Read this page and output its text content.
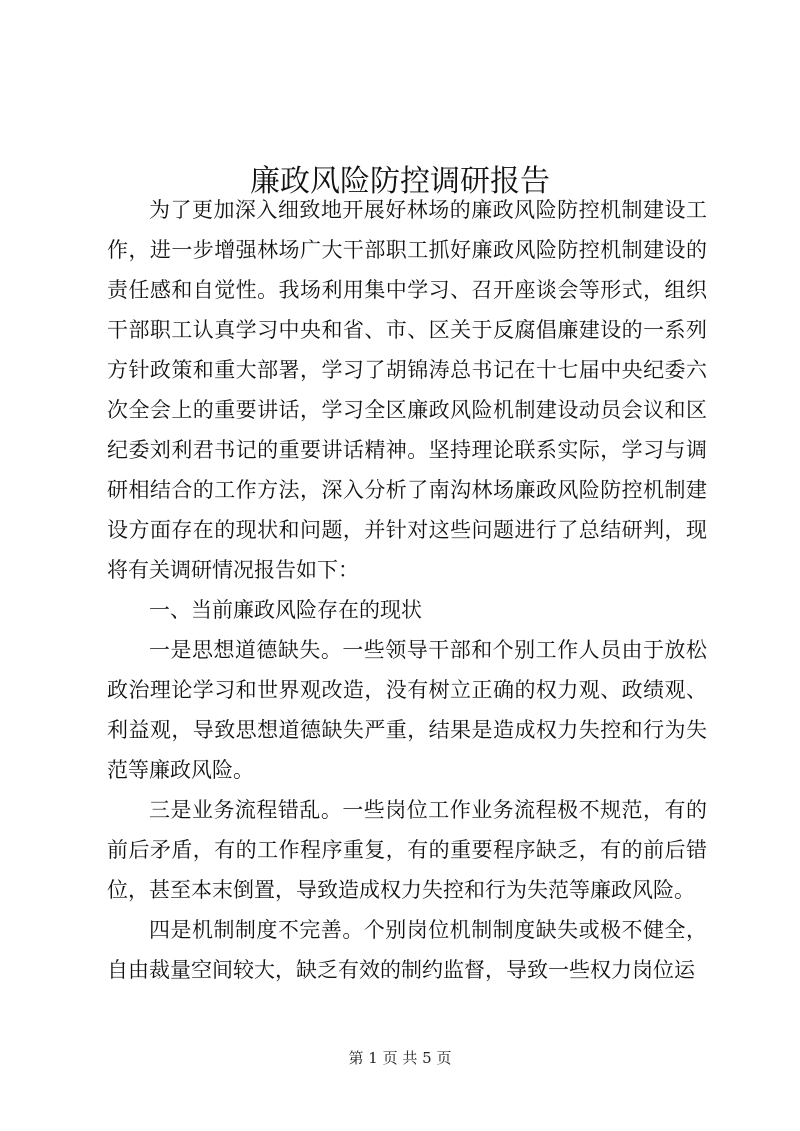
廉政风险防控调研报告

为了更加深入细致地开展好林场的廉政风险防控机制建设工作，进一步增强林场广大干部职工抓好廉政风险防控机制建设的责任感和自觉性。我场利用集中学习、召开座谈会等形式，组织干部职工认真学习中央和省、市、区关于反腐倡廉建设的一系列方针政策和重大部署，学习了胡锦涛总书记在十七届中央纪委六次全会上的重要讲话，学习全区廉政风险机制建设动员会议和区纪委刘利君书记的重要讲话精神。坚持理论联系实际，学习与调研相结合的工作方法，深入分析了南沟林场廉政风险防控机制建设方面存在的现状和问题，并针对这些问题进行了总结研判，现将有关调研情况报告如下：

一、当前廉政风险存在的现状

一是思想道德缺失。一些领导干部和个别工作人员由于放松政治理论学习和世界观改造，没有树立正确的权力观、政绩观、利益观，导致思想道德缺失严重，结果是造成权力失控和行为失范等廉政风险。

三是业务流程错乱。一些岗位工作业务流程极不规范，有的前后矛盾，有的工作程序重复，有的重要程序缺乏，有的前后错位，甚至本末倒置，导致造成权力失控和行为失范等廉政风险。

四是机制制度不完善。个别岗位机制制度缺失或极不健全，自由裁量空间较大，缺乏有效的制约监督，导致一些权力岗位运

第 1 页 共 5 页
